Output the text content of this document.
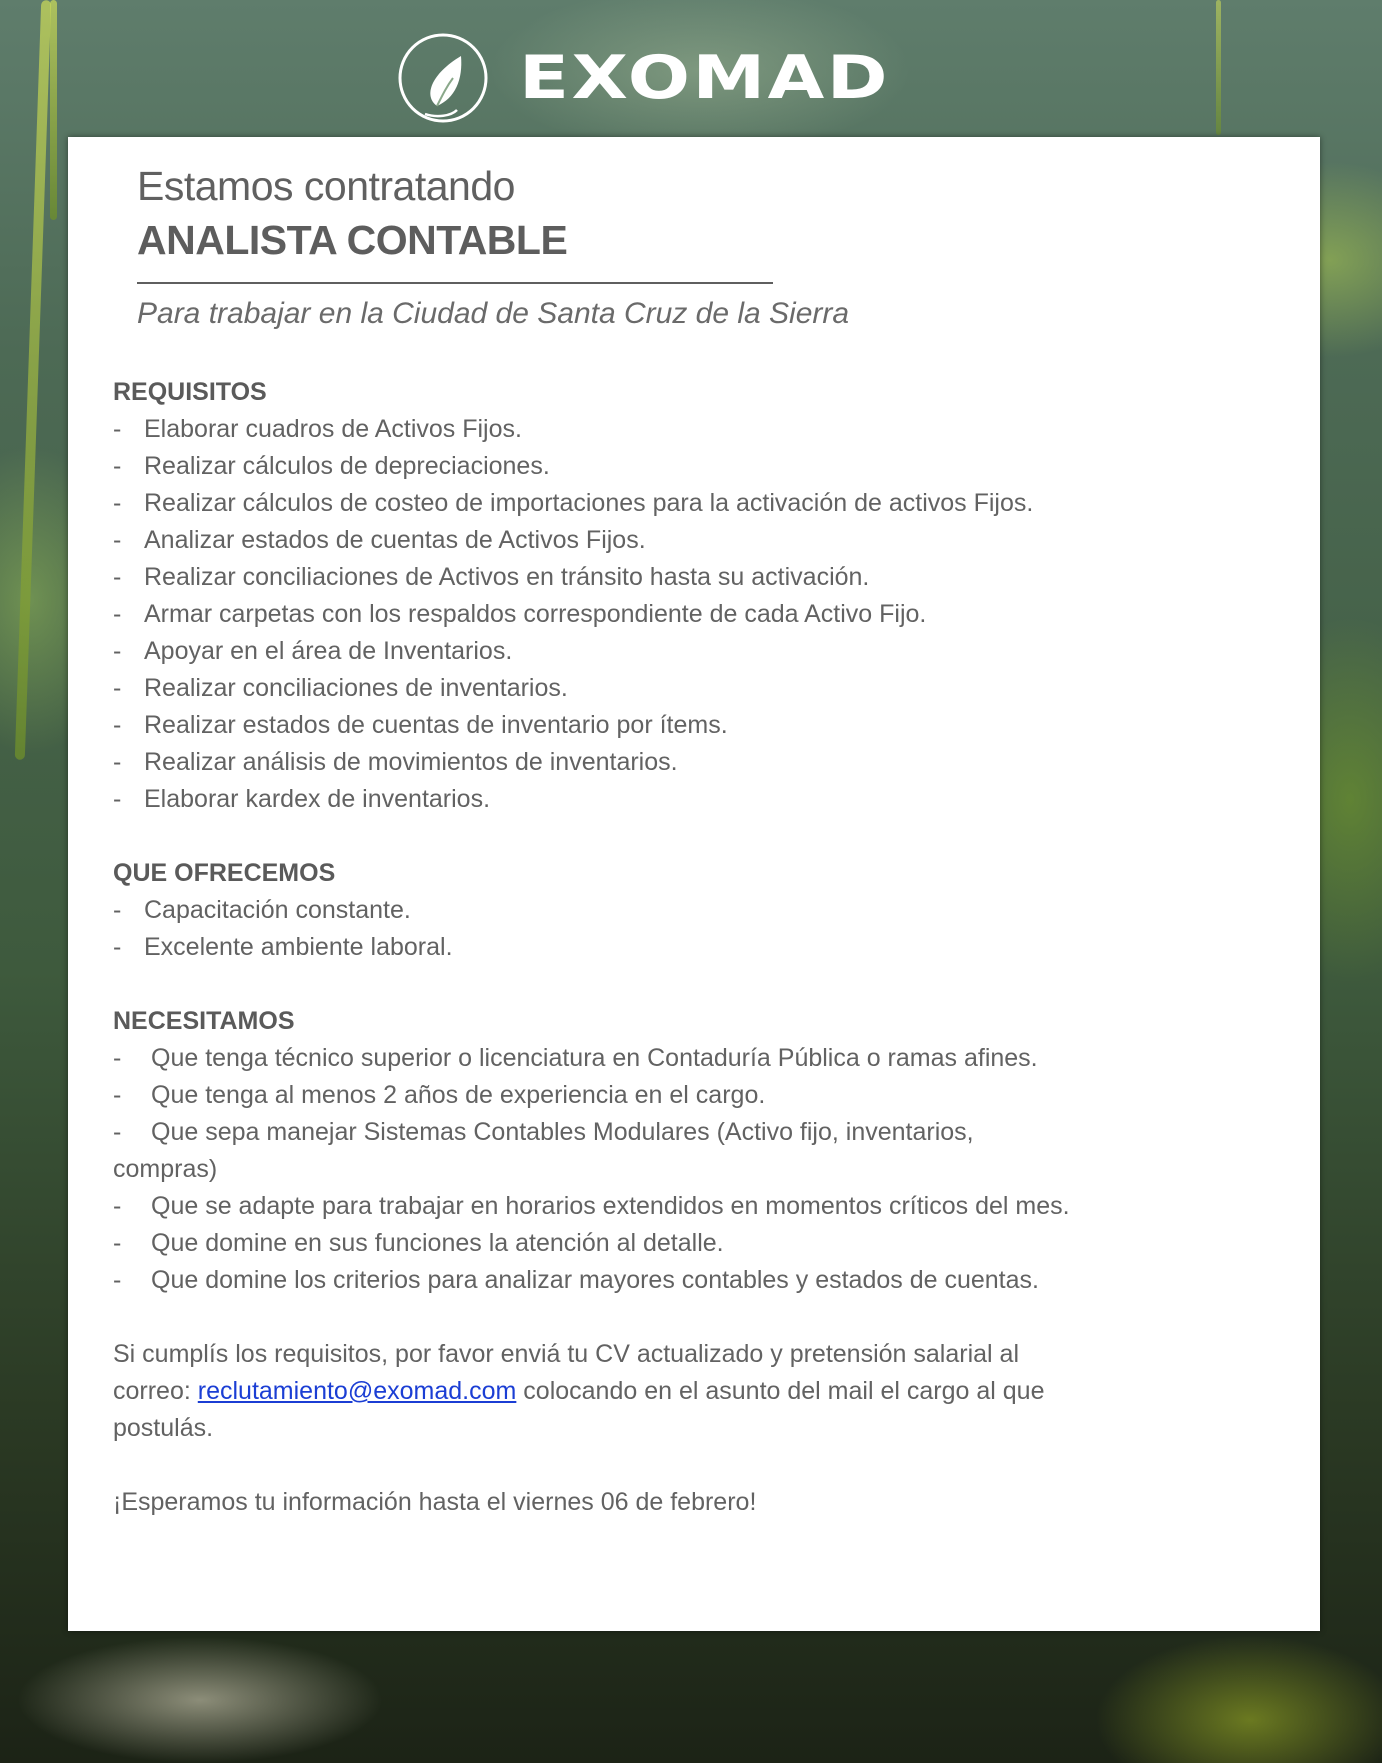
EXOMAD
Estamos contratando
ANALISTA CONTABLE
Para trabajar en la Ciudad de Santa Cruz de la Sierra
REQUISITOS
- Elaborar cuadros de Activos Fijos.
- Realizar cálculos de depreciaciones.
- Realizar cálculos de costeo de importaciones para la activación de activos Fijos.
- Analizar estados de cuentas de Activos Fijos.
- Realizar conciliaciones de Activos en tránsito hasta su activación.
- Armar carpetas con los respaldos correspondiente de cada Activo Fijo.
- Apoyar en el área de Inventarios.
- Realizar conciliaciones de inventarios.
- Realizar estados de cuentas de inventario por ítems.
- Realizar análisis de movimientos de inventarios.
- Elaborar kardex de inventarios.
QUE OFRECEMOS
- Capacitación constante.
- Excelente ambiente laboral.
NECESITAMOS
-	Que tenga técnico superior o licenciatura en Contaduría Pública o ramas afines.
-	Que tenga al menos 2 años de experiencia en el cargo.
-	Que sepa manejar Sistemas Contables Modulares (Activo fijo, inventarios,
compras)
-	Que se adapte para trabajar en horarios extendidos en momentos críticos del mes.
-	Que domine en sus funciones la atención al detalle.
-	Que domine los criterios para analizar mayores contables y estados de cuentas.
Si cumplís los requisitos, por favor enviá tu CV actualizado y pretensión salarial al
correo: reclutamiento@exomad.com colocando en el asunto del mail el cargo al que
postulás.
¡Esperamos tu información hasta el viernes 06 de febrero!
